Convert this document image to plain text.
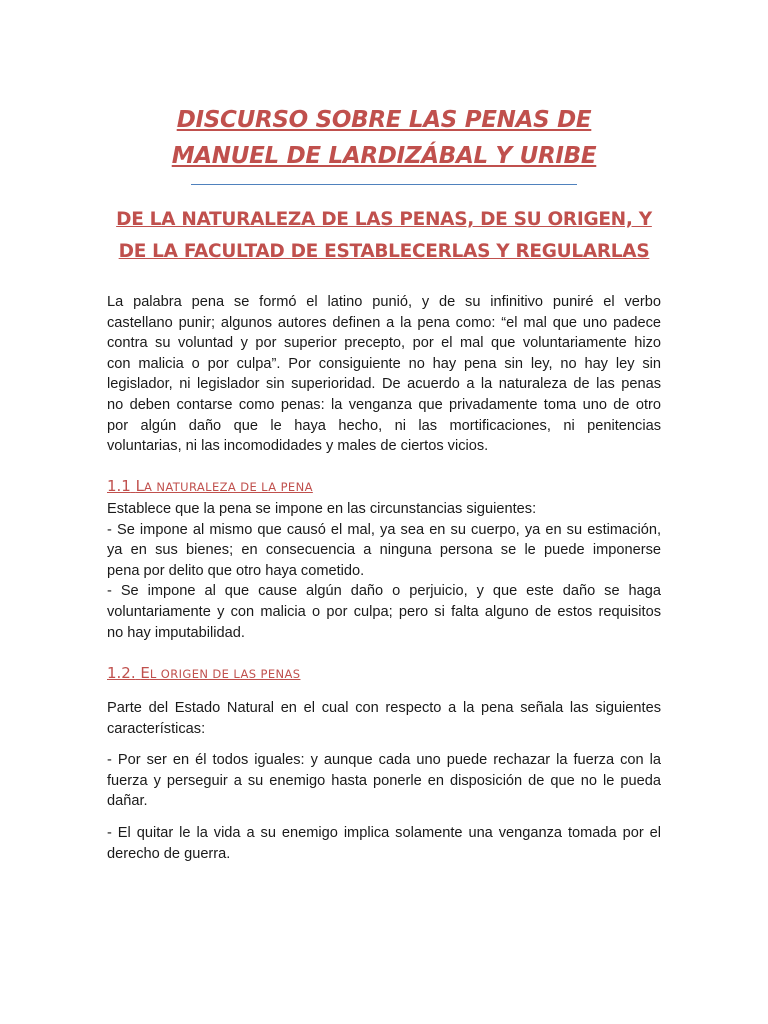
DISCURSO SOBRE LAS PENAS DE
MANUEL DE LARDIZÁBAL Y URIBE
DE LA NATURALEZA DE LAS PENAS, DE SU ORIGEN, Y
DE LA FACULTAD DE ESTABLECERLAS Y REGULARLAS

La palabra pena se formó el latino punió, y de su infinitivo puniré el verbo
castellano punir; algunos autores definen a la pena como: “el mal que uno padece
contra su voluntad y por superior precepto, por el mal que voluntariamente hizo
con malicia o por culpa”. Por consiguiente no hay pena sin ley, no hay ley sin
legislador, ni legislador sin superioridad. De acuerdo a la naturaleza de las penas
no deben contarse como penas: la venganza que privadamente toma uno de otro
por algún daño que le haya hecho, ni las mortificaciones, ni penitencias
voluntarias, ni las incomodidades y males de ciertos vicios.

1.1 LA NATURALEZA DE LA PENA

Establece que la pena se impone en las circunstancias siguientes:
- Se impone al mismo que causó el mal, ya sea en su cuerpo, ya en su estimación,
ya en sus bienes; en consecuencia a ninguna persona se le puede imponerse
pena por delito que otro haya cometido.
- Se impone al que cause algún daño o perjuicio, y que este daño se haga
voluntariamente y con malicia o por culpa; pero si falta alguno de estos requisitos
no hay imputabilidad.

1.2. EL ORIGEN DE LAS PENAS

Parte del Estado Natural en el cual con respecto a la pena señala las siguientes
características:

- Por ser en él todos iguales: y aunque cada uno puede rechazar la fuerza con la
fuerza y perseguir a su enemigo hasta ponerle en disposición de que no le pueda
dañar.

- El quitar le la vida a su enemigo implica solamente una venganza tomada por el
derecho de guerra.
